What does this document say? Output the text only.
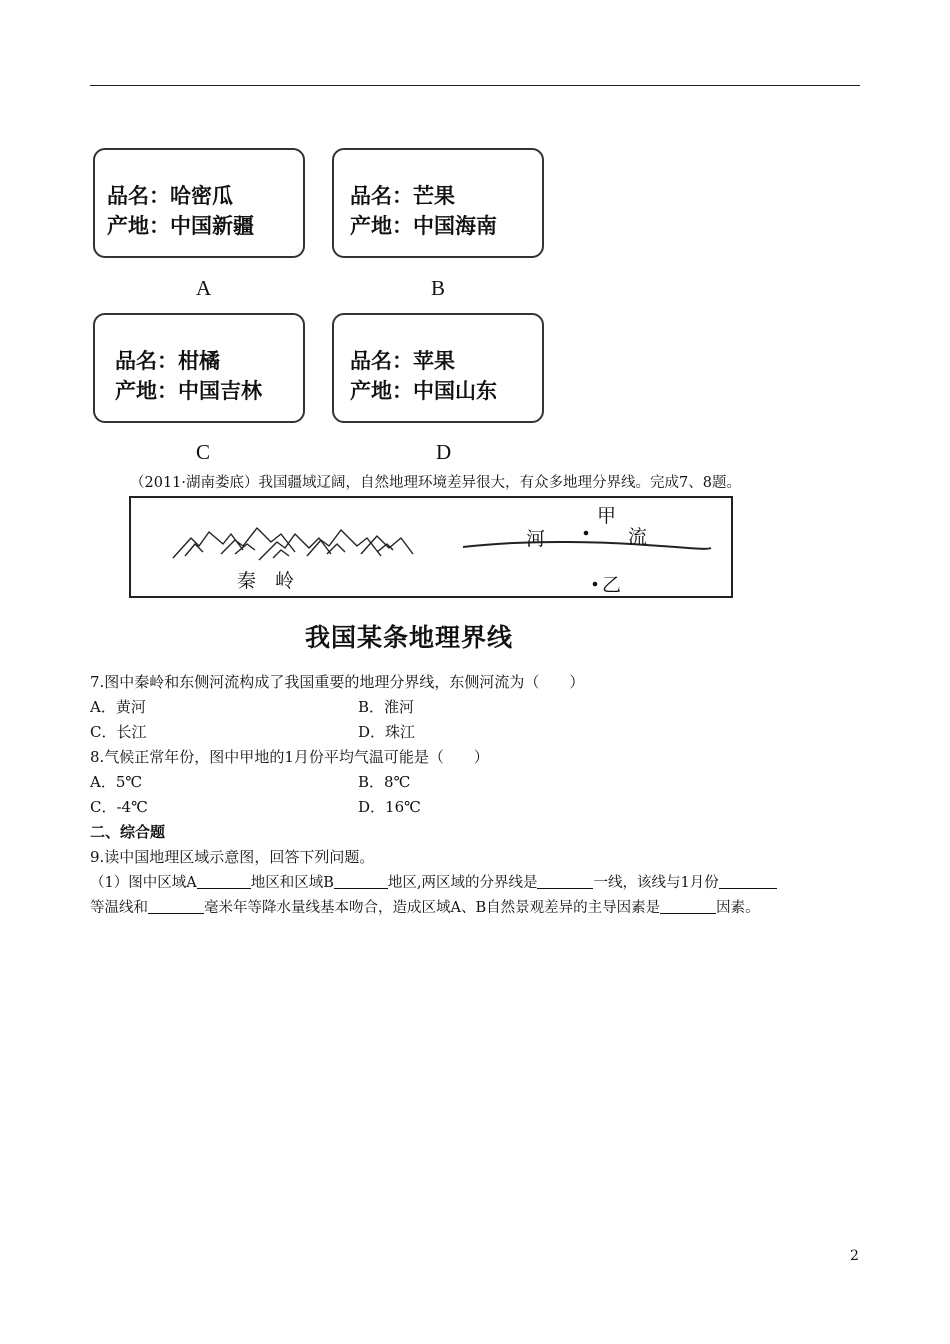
品名：哈密瓜
产地：中国新疆
A
品名：芒果
产地：中国海南
B
品名：柑橘
产地：中国吉林
C
品名：苹果
产地：中国山东
D
（2011·湖南娄底）我国疆域辽阔，自然地理环境差异很大，有众多地理分界线。完成7、8题。
秦　岭
河	流
甲
乙
我国某条地理界线
7.图中秦岭和东侧河流构成了我国重要的地理分界线，东侧河流为（　　）
A．黄河	B．淮河
C．长江	D．珠江
8.气候正常年份，图中甲地的1月份平均气温可能是（　　）
A．5℃	B．8℃
C．-4℃	D．16℃
二、综合题
9.读中国地理区域示意图，回答下列问题。
（1）图中区域A	地区和区域B	地区,两区域的分界线是	一线，该线与1月份
等温线和	毫米年等降水量线基本吻合，造成区域A、B自然景观差异的主导因素是	因素。
2
